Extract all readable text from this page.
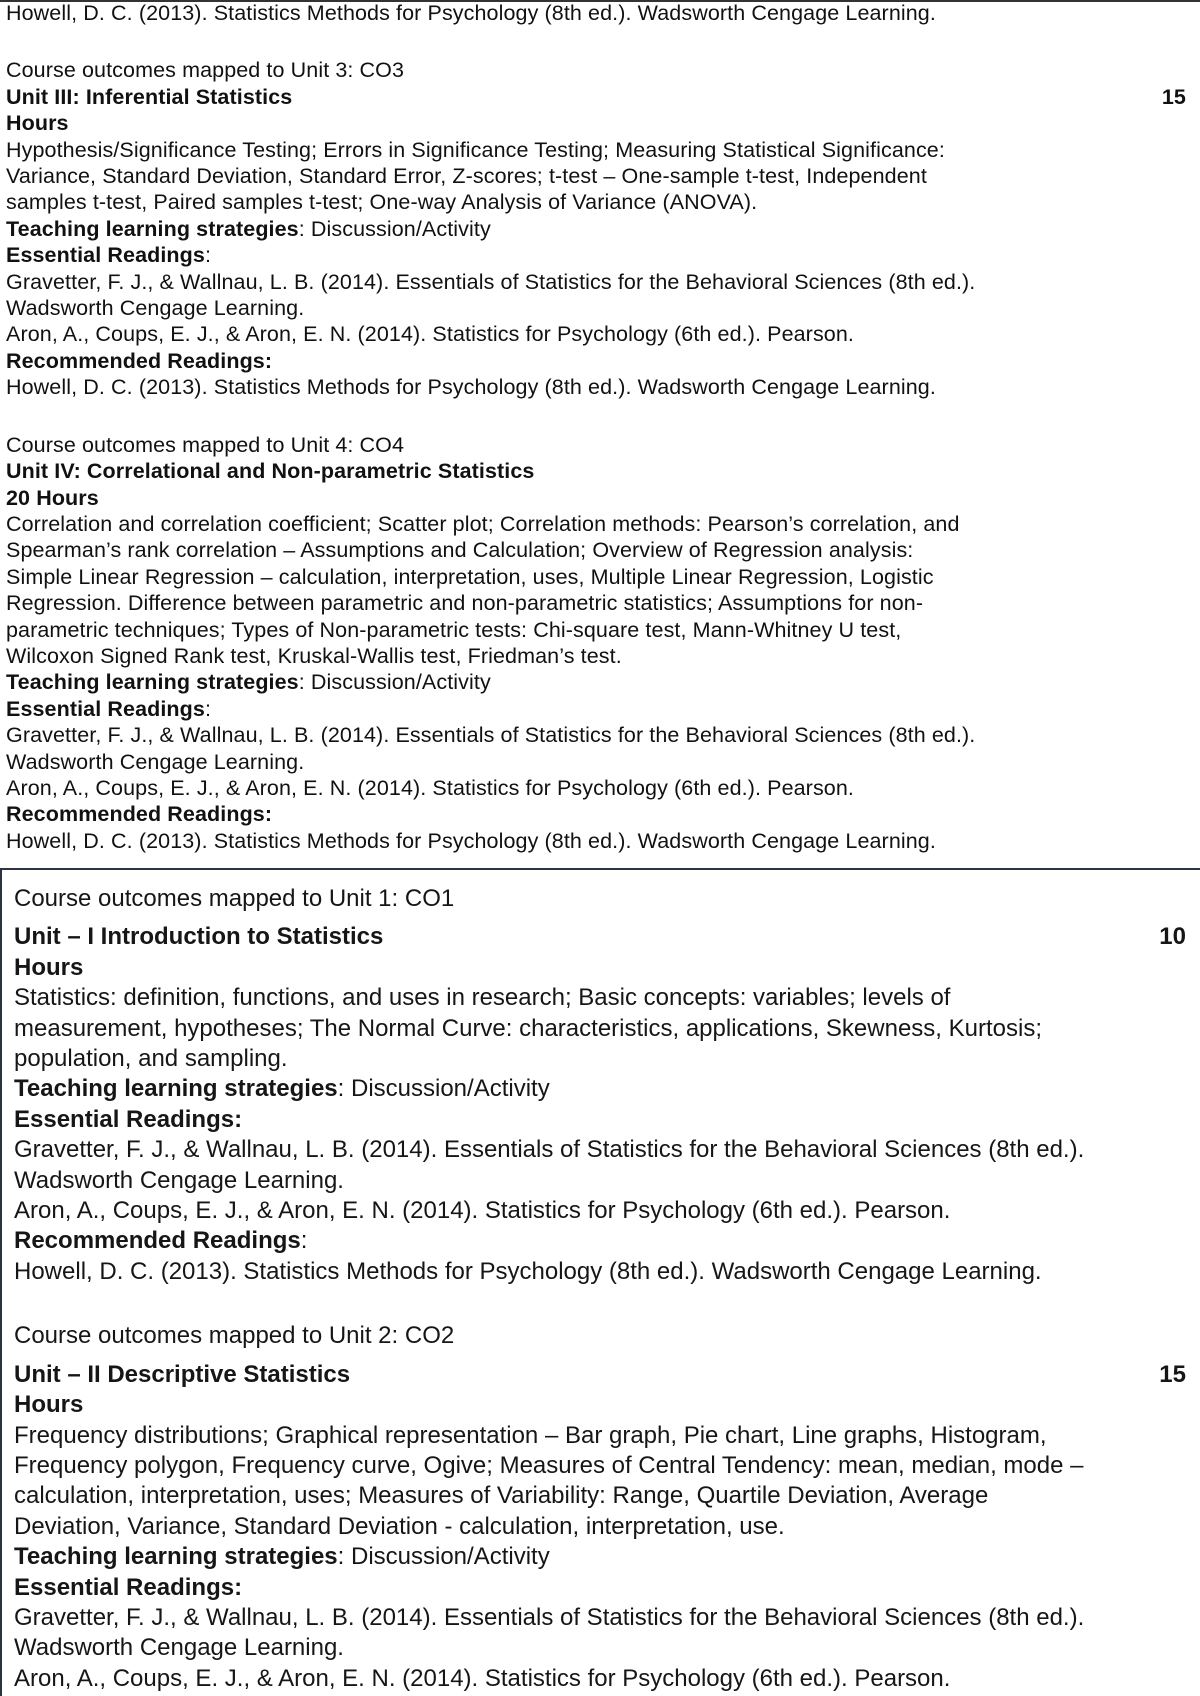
Howell, D. C. (2013). Statistics Methods for Psychology (8th ed.). Wadsworth Cengage Learning.
Course outcomes mapped to Unit 3: CO3
Unit III: Inferential Statistics	15
Hours
Hypothesis/Significance Testing; Errors in Significance Testing; Measuring Statistical Significance:
Variance, Standard Deviation, Standard Error, Z-scores; t-test – One-sample t-test, Independent
samples t-test, Paired samples t-test; One-way Analysis of Variance (ANOVA).
Teaching learning strategies: Discussion/Activity
Essential Readings:
Gravetter, F. J., & Wallnau, L. B. (2014). Essentials of Statistics for the Behavioral Sciences (8th ed.).
Wadsworth Cengage Learning.
Aron, A., Coups, E. J., & Aron, E. N. (2014). Statistics for Psychology (6th ed.). Pearson.
Recommended Readings:
Howell, D. C. (2013). Statistics Methods for Psychology (8th ed.). Wadsworth Cengage Learning.
Course outcomes mapped to Unit 4: CO4
Unit IV: Correlational and Non-parametric Statistics
20 Hours
Correlation and correlation coefficient; Scatter plot; Correlation methods: Pearson’s correlation, and
Spearman’s rank correlation – Assumptions and Calculation; Overview of Regression analysis:
Simple Linear Regression – calculation, interpretation, uses, Multiple Linear Regression, Logistic
Regression. Difference between parametric and non-parametric statistics; Assumptions for non-
parametric techniques; Types of Non-parametric tests: Chi-square test, Mann-Whitney U test,
Wilcoxon Signed Rank test, Kruskal-Wallis test, Friedman’s test.
Teaching learning strategies: Discussion/Activity
Essential Readings:
Gravetter, F. J., & Wallnau, L. B. (2014). Essentials of Statistics for the Behavioral Sciences (8th ed.).
Wadsworth Cengage Learning.
Aron, A., Coups, E. J., & Aron, E. N. (2014). Statistics for Psychology (6th ed.). Pearson.
Recommended Readings:
Howell, D. C. (2013). Statistics Methods for Psychology (8th ed.). Wadsworth Cengage Learning.
Course outcomes mapped to Unit 1: CO1
Unit – I Introduction to Statistics	10
Hours
Statistics: definition, functions, and uses in research; Basic concepts: variables; levels of
measurement, hypotheses; The Normal Curve: characteristics, applications, Skewness, Kurtosis;
population, and sampling.
Teaching learning strategies: Discussion/Activity
Essential Readings:
Gravetter, F. J., & Wallnau, L. B. (2014). Essentials of Statistics for the Behavioral Sciences (8th ed.).
Wadsworth Cengage Learning.
Aron, A., Coups, E. J., & Aron, E. N. (2014). Statistics for Psychology (6th ed.). Pearson.
Recommended Readings:
Howell, D. C. (2013). Statistics Methods for Psychology (8th ed.). Wadsworth Cengage Learning.
Course outcomes mapped to Unit 2: CO2
Unit – II Descriptive Statistics	15
Hours
Frequency distributions; Graphical representation – Bar graph, Pie chart, Line graphs, Histogram,
Frequency polygon, Frequency curve, Ogive; Measures of Central Tendency: mean, median, mode –
calculation, interpretation, uses; Measures of Variability: Range, Quartile Deviation, Average
Deviation, Variance, Standard Deviation - calculation, interpretation, use.
Teaching learning strategies: Discussion/Activity
Essential Readings:
Gravetter, F. J., & Wallnau, L. B. (2014). Essentials of Statistics for the Behavioral Sciences (8th ed.).
Wadsworth Cengage Learning.
Aron, A., Coups, E. J., & Aron, E. N. (2014). Statistics for Psychology (6th ed.). Pearson.
